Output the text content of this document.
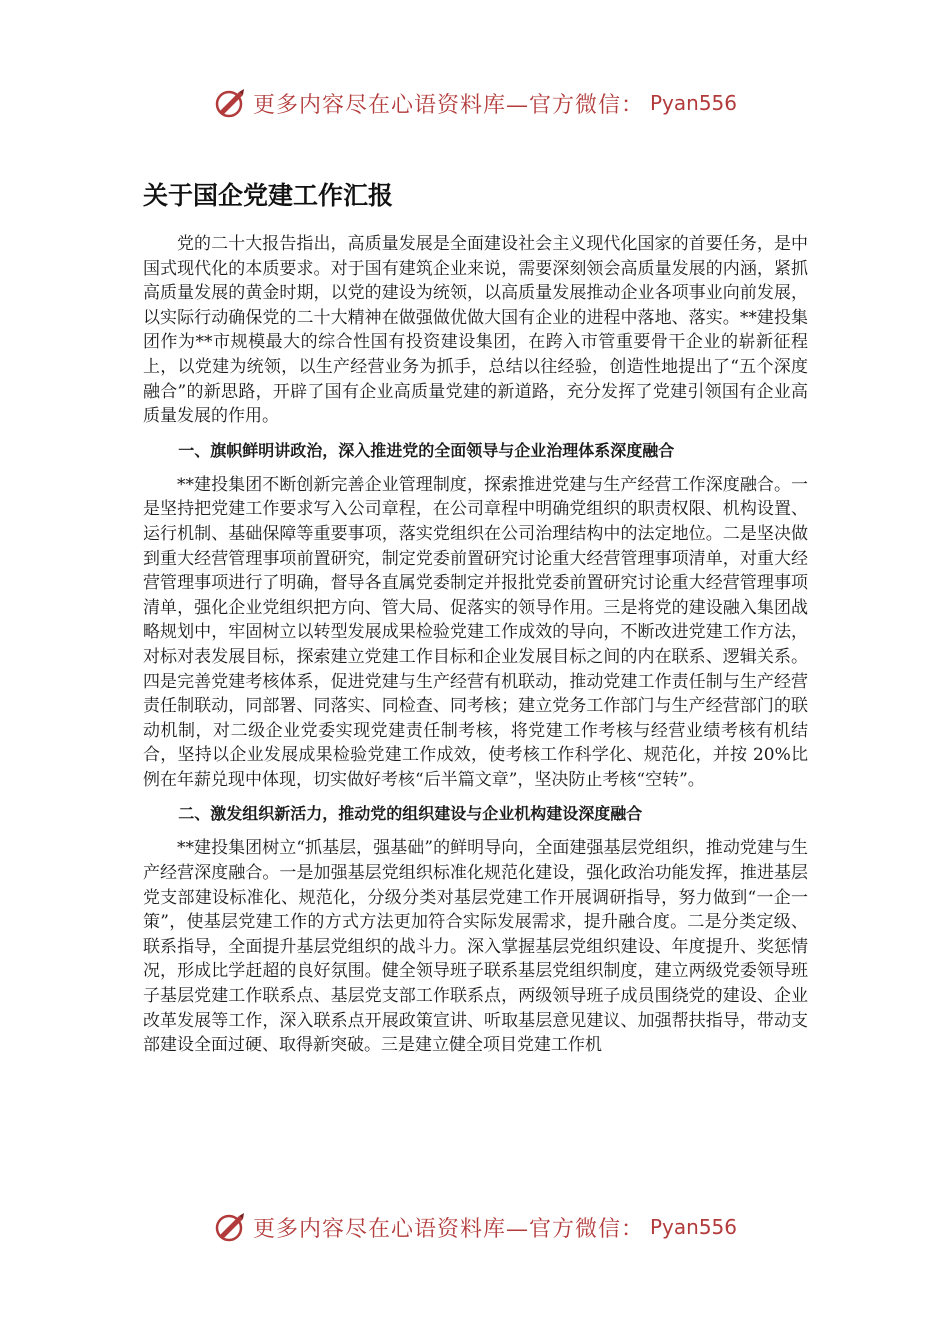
更多内容尽在心语资料库—官方微信： Pyan556
关于国企党建工作汇报

党的二十大报告指出，高质量发展是全面建设社会主义现代化国家的首要任务，是中国式现代化的本质要求。对于国有建筑企业来说，需要深刻领会高质量发展的内涵，紧抓高质量发展的黄金时期，以党的建设为统领，以高质量发展推动企业各项事业向前发展，以实际行动确保党的二十大精神在做强做优做大国有企业的进程中落地、落实。**建投集团作为**市规模最大的综合性国有投资建设集团，在跨入市管重要骨干企业的崭新征程上，以党建为统领，以生产经营业务为抓手，总结以往经验，创造性地提出了“五个深度融合”的新思路，开辟了国有企业高质量党建的新道路，充分发挥了党建引领国有企业高质量发展的作用。

一、旗帜鲜明讲政治，深入推进党的全面领导与企业治理体系深度融合

**建投集团不断创新完善企业管理制度，探索推进党建与生产经营工作深度融合。一是坚持把党建工作要求写入公司章程，在公司章程中明确党组织的职责权限、机构设置、运行机制、基础保障等重要事项，落实党组织在公司治理结构中的法定地位。二是坚决做到重大经营管理事项前置研究，制定党委前置研究讨论重大经营管理事项清单，对重大经营管理事项进行了明确，督导各直属党委制定并报批党委前置研究讨论重大经营管理事项清单，强化企业党组织把方向、管大局、促落实的领导作用。三是将党的建设融入集团战略规划中，牢固树立以转型发展成果检验党建工作成效的导向，不断改进党建工作方法，对标对表发展目标，探索建立党建工作目标和企业发展目标之间的内在联系、逻辑关系。四是完善党建考核体系，促进党建与生产经营有机联动，推动党建工作责任制与生产经营责任制联动，同部署、同落实、同检查、同考核；建立党务工作部门与生产经营部门的联动机制，对二级企业党委实现党建责任制考核，将党建工作考核与经营业绩考核有机结合，坚持以企业发展成果检验党建工作成效，使考核工作科学化、规范化，并按 20%比例在年薪兑现中体现，切实做好考核“后半篇文章”，坚决防止考核“空转”。

二、激发组织新活力，推动党的组织建设与企业机构建设深度融合

**建投集团树立“抓基层，强基础”的鲜明导向，全面建强基层党组织，推动党建与生产经营深度融合。一是加强基层党组织标准化规范化建设，强化政治功能发挥，推进基层党支部建设标准化、规范化，分级分类对基层党建工作开展调研指导，努力做到“一企一策”，使基层党建工作的方式方法更加符合实际发展需求，提升融合度。二是分类定级、联系指导，全面提升基层党组织的战斗力。深入掌握基层党组织建设、年度提升、奖惩情况，形成比学赶超的良好氛围。健全领导班子联系基层党组织制度，建立两级党委领导班子基层党建工作联系点、基层党支部工作联系点，两级领导班子成员围绕党的建设、企业改革发展等工作，深入联系点开展政策宣讲、听取基层意见建议、加强帮扶指导，带动支部建设全面过硬、取得新突破。三是建立健全项目党建工作机

更多内容尽在心语资料库—官方微信： Pyan556
